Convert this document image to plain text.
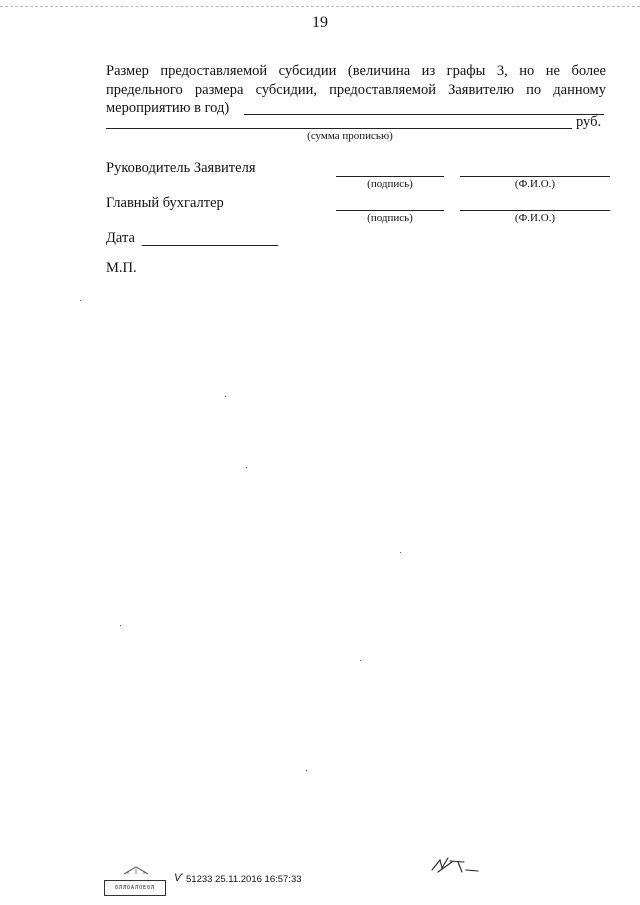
19
Размер предоставляемой субсидии (величина из графы 3, но не более
предельного размера субсидии, предоставляемой Заявителю по данному
мероприятию в год)
руб.
(сумма прописью)
Руководитель Заявителя
(подпись)	(Ф.И.О.)
Главный бухгалтер
(подпись)	(Ф.И.О.)
Дата
М.П.
ОЛЛОАЛОЕОЛ
Ѵ 51233 25.11.2016 16:57:33
